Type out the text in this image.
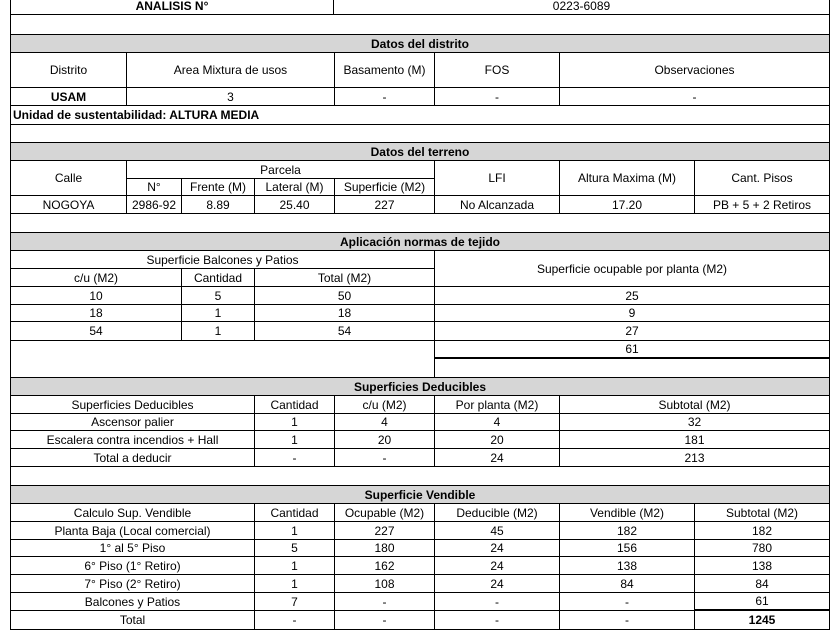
ANALISIS N°	0223-6089
Datos del distrito
Distrito	Area Mixtura de usos	Basamento (M)	FOS	Observaciones
USAM	3	-	-	-
Unidad de sustentabilidad: ALTURA MEDIA
Datos del terreno
Calle
Parcela
N°	Frente (M)	Lateral (M)	Superficie (M2)
LFI	Altura Maxima (M)	Cant. Pisos
NOGOYA	2986-92	8.89	25.40	227	No Alcanzada	17.20	PB + 5 + 2 Retiros
Aplicación normas de tejido
Superficie Balcones y Patios
Superficie ocupable por planta (M2)
c/u (M2)	Cantidad	Total (M2)
10	5	50	25
18	1	18	9
54	1	54	27
61
Superficies Deducibles
Superficies Deducibles	Cantidad	c/u (M2)	Por planta (M2)	Subtotal (M2)
Ascensor palier	1	4	4	32
Escalera contra incendios + Hall	1	20	20	181
Total a deducir	-	-	24	213
Superficie Vendible
Calculo Sup. Vendible	Cantidad	Ocupable (M2)	Deducible (M2)	Vendible (M2)	Subtotal (M2)
Planta Baja (Local comercial)	1	227	45	182	182
1° al 5° Piso	5	180	24	156	780
6° Piso (1° Retiro)	1	162	24	138	138
7° Piso (2° Retiro)	1	108	24	84	84
Balcones y Patios	7	-	-	-	61
Total	-	-	-	-	1245
